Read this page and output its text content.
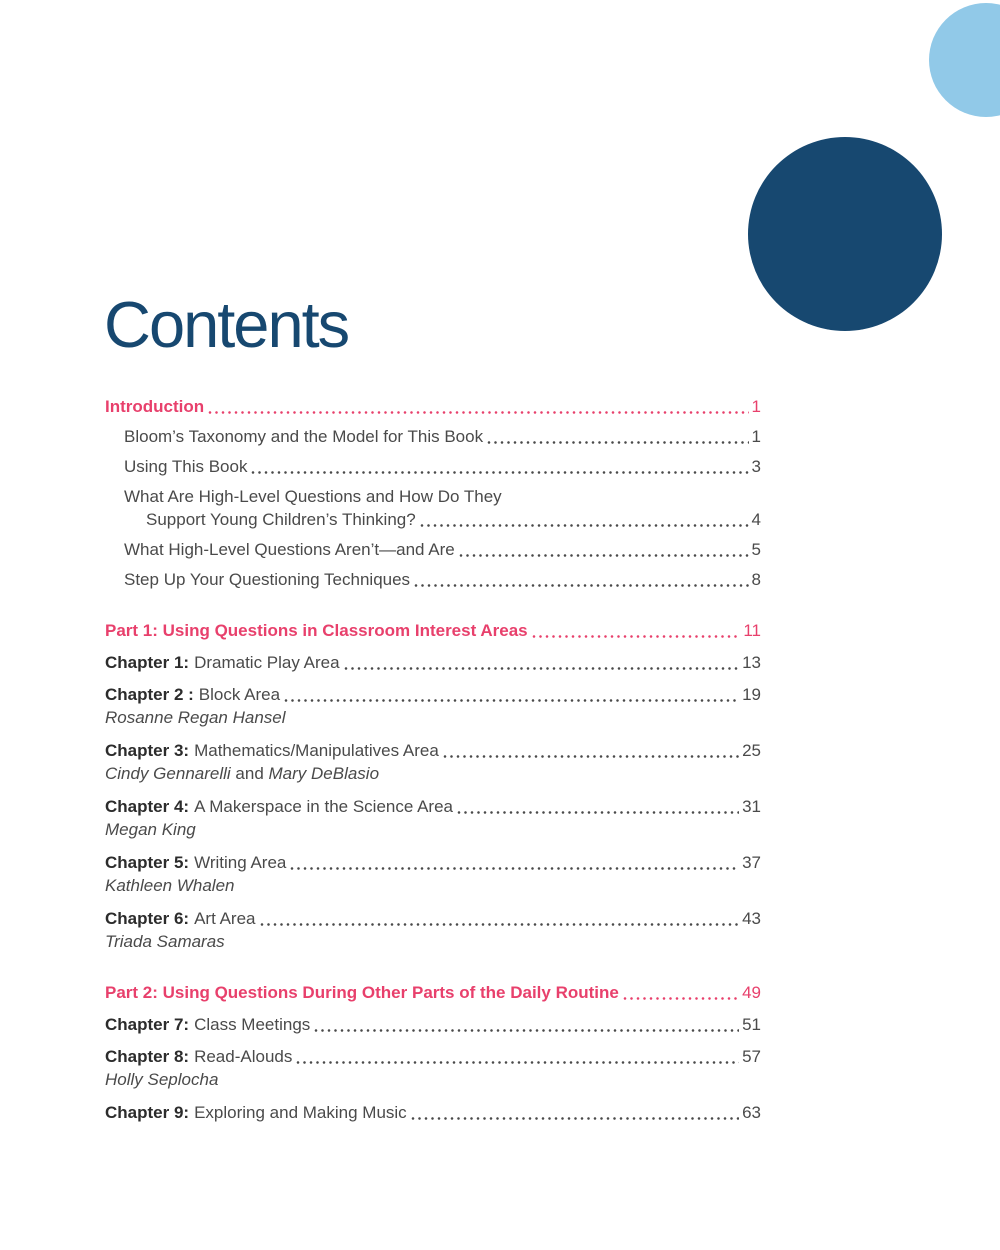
Contents
Introduction	1
Bloom’s Taxonomy and the Model for This Book	1
Using This Book	3
What Are High-Level Questions and How Do They
Support Young Children’s Thinking?	4
What High-Level Questions Aren’t—and Are	5
Step Up Your Questioning Techniques	8
Part 1: Using Questions in Classroom Interest Areas	11
Chapter 1: Dramatic Play Area	13
Chapter 2 : Block Area	19
Rosanne Regan Hansel
Chapter 3: Mathematics/Manipulatives Area	25
Cindy Gennarelli and Mary DeBlasio
Chapter 4: A Makerspace in the Science Area	31
Megan King
Chapter 5: Writing Area	37
Kathleen Whalen
Chapter 6: Art Area	43
Triada Samaras
Part 2: Using Questions During Other Parts of the Daily Routine	49
Chapter 7: Class Meetings	51
Chapter 8: Read-Alouds	57
Holly Seplocha
Chapter 9: Exploring and Making Music	63
